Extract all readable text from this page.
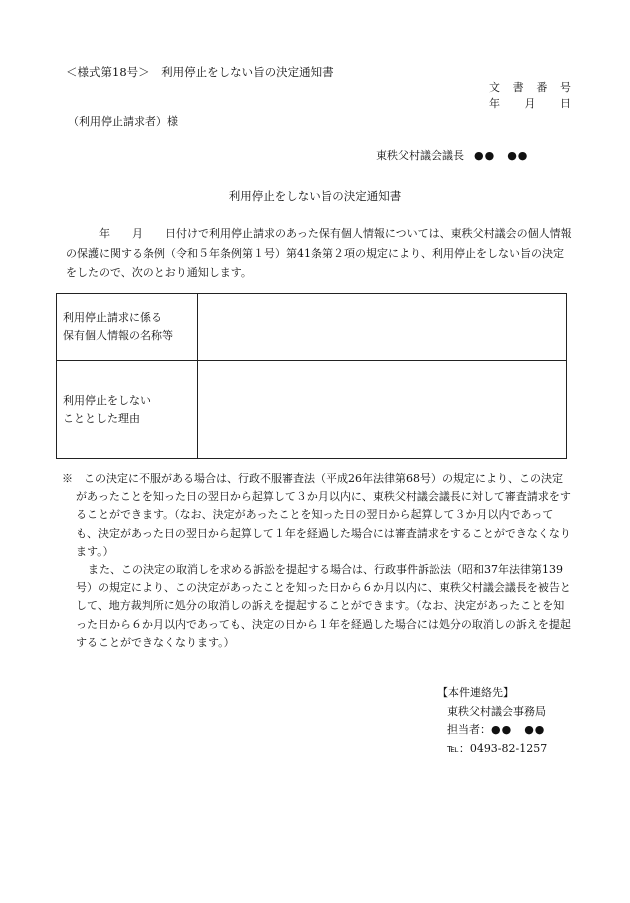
＜様式第18号＞　利用停止をしない旨の決定通知書
文 書 番 号
年 月 日
（利用停止請求者）様
東秩父村議会議長 ●●　●●
利用停止をしない旨の決定通知書
年　　月　　日付けで利用停止請求のあった保有個人情報については、東秩父村議会の個人情報の保護に関する条例（令和５年条例第１号）第41条第２項の規定により、利用停止をしない旨の決定をしたので、次のとおり通知します。
利用停止請求に係る
保有個人情報の名称等	

利用停止をしない
こととした理由	

※　この決定に不服がある場合は、行政不服審査法（平成26年法律第68号）の規定により、この決定があったことを知った日の翌日から起算して３か月以内に、東秩父村議会議長に対して審査請求をすることができます。（なお、決定があったことを知った日の翌日から起算して３か月以内であっても、決定があった日の翌日から起算して１年を経過した場合には審査請求をすることができなくなります。）

また、この決定の取消しを求める訴訟を提起する場合は、行政事件訴訟法（昭和37年法律第139号）の規定により、この決定があったことを知った日から６か月以内に、東秩父村議会議長を被告として、地方裁判所に処分の取消しの訴えを提起することができます。（なお、決定があったことを知った日から６か月以内であっても、決定の日から１年を経過した場合には処分の取消しの訴えを提起することができなくなります。）

【本件連絡先】
東秩父村議会事務局
担当者：●●　●●
℡：0493-82-1257
